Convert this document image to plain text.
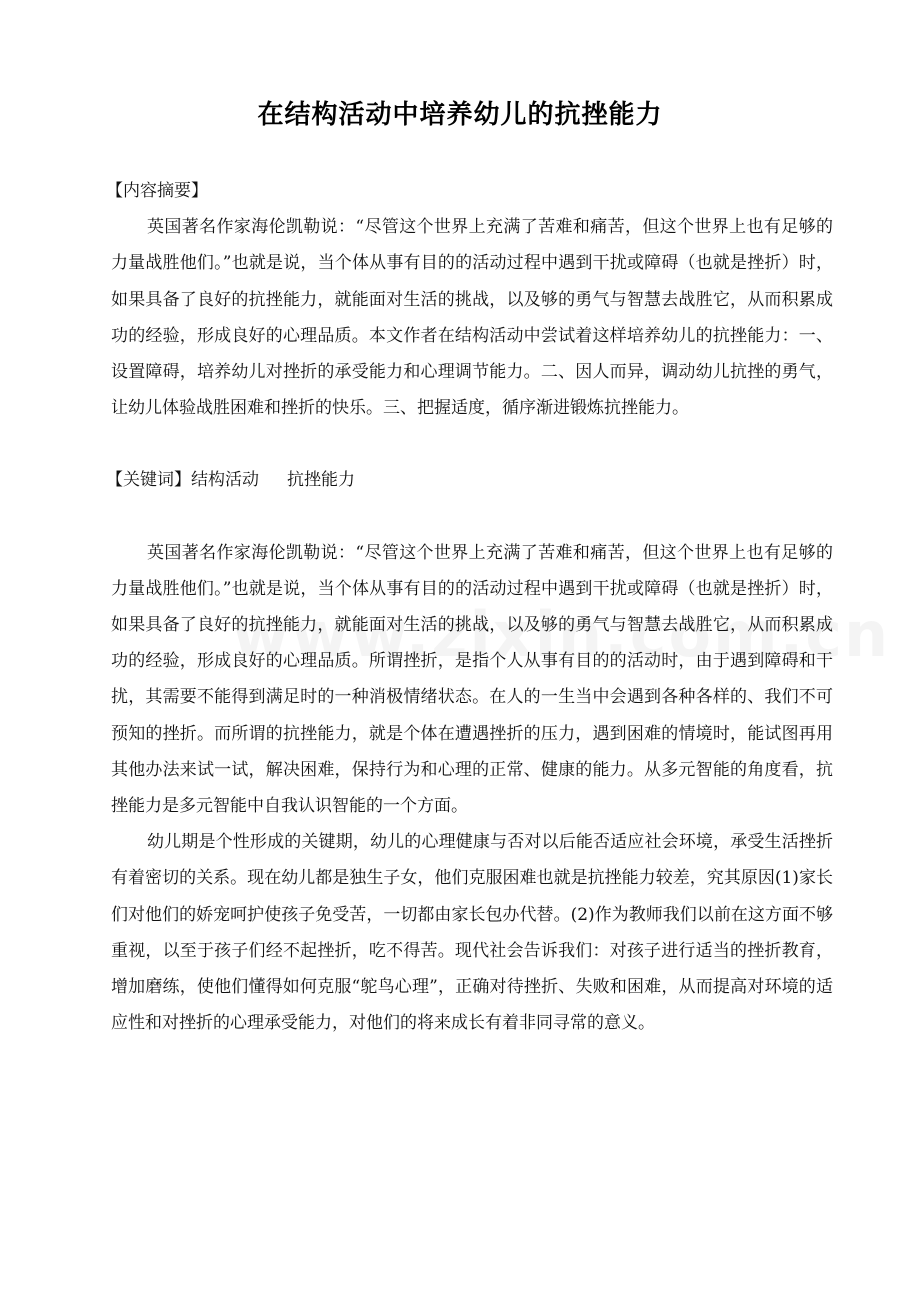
在结构活动中培养幼儿的抗挫能力

【内容摘要】

英国著名作家海伦凯勒说：“尽管这个世界上充满了苦难和痛苦，但这个世界上也有足够的力量战胜他们。”也就是说，当个体从事有目的的活动过程中遇到干扰或障碍（也就是挫折）时，如果具备了良好的抗挫能力，就能面对生活的挑战，以及够的勇气与智慧去战胜它，从而积累成功的经验，形成良好的心理品质。本文作者在结构活动中尝试着这样培养幼儿的抗挫能力：一、设置障碍，培养幼儿对挫折的承受能力和心理调节能力。二、因人而异，调动幼儿抗挫的勇气，让幼儿体验战胜困难和挫折的快乐。三、把握适度，循序渐进锻炼抗挫能力。

【关键词】结构活动 抗挫能力

英国著名作家海伦凯勒说：“尽管这个世界上充满了苦难和痛苦，但这个世界上也有足够的力量战胜他们。”也就是说，当个体从事有目的的活动过程中遇到干扰或障碍（也就是挫折）时，如果具备了良好的抗挫能力，就能面对生活的挑战，以及够的勇气与智慧去战胜它，从而积累成功的经验，形成良好的心理品质。所谓挫折，是指个人从事有目的的活动时，由于遇到障碍和干扰，其需要不能得到满足时的一种消极情绪状态。在人的一生当中会遇到各种各样的、我们不可预知的挫折。而所谓的抗挫能力，就是个体在遭遇挫折的压力，遇到困难的情境时，能试图再用其他办法来试一试，解决困难，保持行为和心理的正常、健康的能力。从多元智能的角度看，抗挫能力是多元智能中自我认识智能的一个方面。

幼儿期是个性形成的关键期，幼儿的心理健康与否对以后能否适应社会环境，承受生活挫折有着密切的关系。现在幼儿都是独生子女，他们克服困难也就是抗挫能力较差，究其原因(1)家长们对他们的娇宠呵护使孩子免受苦，一切都由家长包办代替。(2)作为教师我们以前在这方面不够重视，以至于孩子们经不起挫折，吃不得苦。现代社会告诉我们：对孩子进行适当的挫折教育，增加磨练，使他们懂得如何克服“鸵鸟心理”，正确对待挫折、失败和困难，从而提高对环境的适应性和对挫折的心理承受能力，对他们的将来成长有着非同寻常的意义。
